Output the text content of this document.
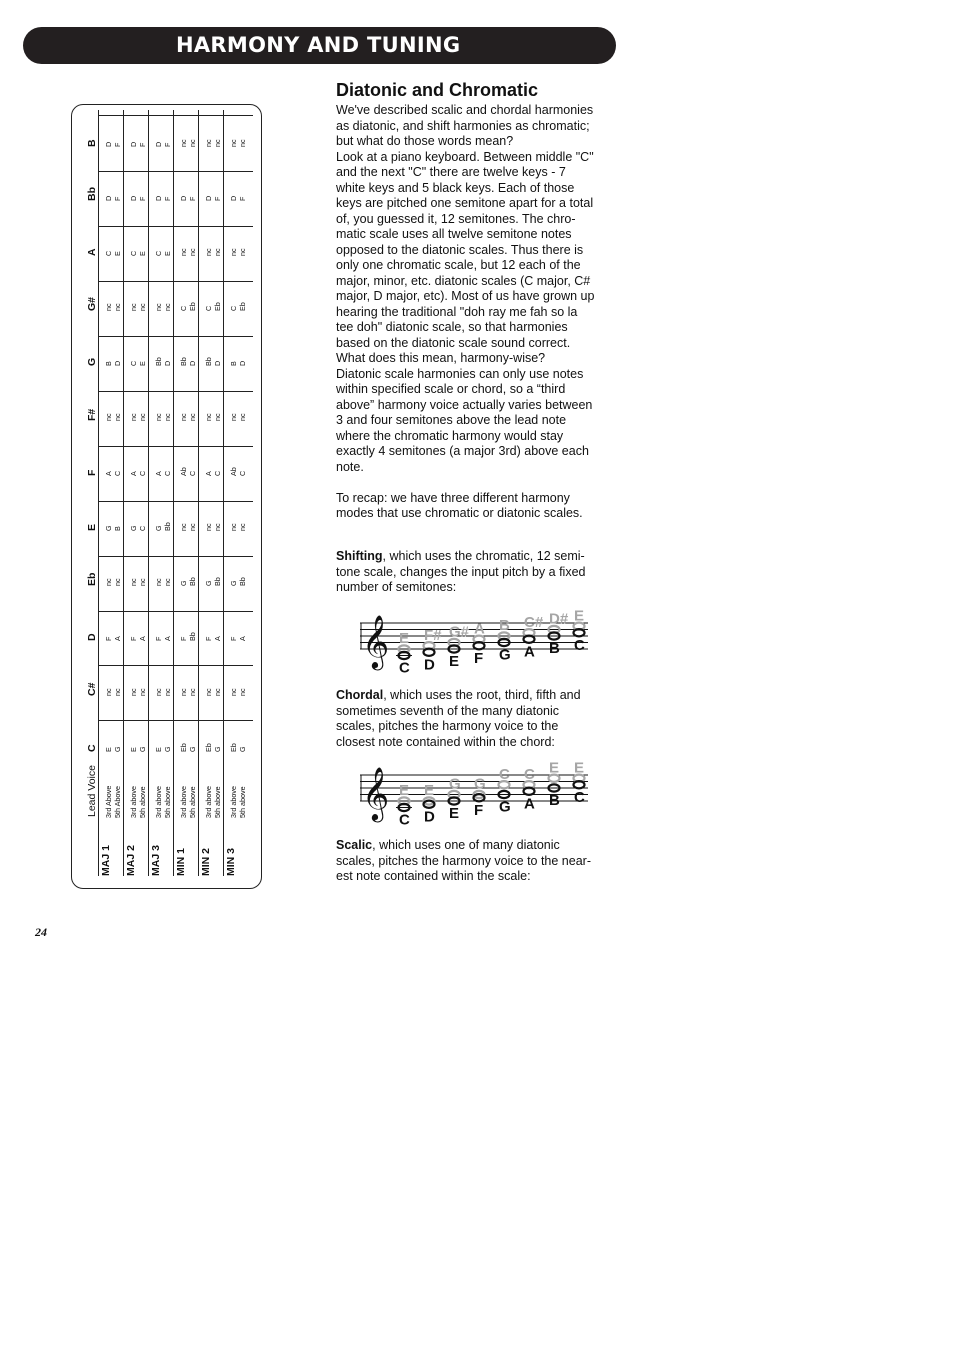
HARMONY AND TUNING
Lead Voice
C
C#
D
Eb
E
F
F#
G
G#
A
Bb
B
MAJ 1
3rd Above 5th Above
E G
nc nc
F A
nc nc
G B
A C
nc nc
B D
nc nc
C E
D F
D F
MAJ 2
3rd above 5th above
E G
nc nc
F A
nc nc
G C
A C
nc nc
C E
nc nc
C E
D F
D F
MAJ 3
3rd above 5th above
E G
nc nc
F A
nc nc
G Bb
A C
nc nc
Bb D
nc nc
C E
D F
D F
MIN 1
3rd above 5th above
Eb G
nc nc
F Bb
G Bb
nc nc
Ab C
nc nc
Bb D
C Eb
nc nc
D F
nc nc
MIN 2
3rd above 5th above
Eb G
nc nc
F A
G Bb
nc nc
A C
nc nc
Bb D
C Eb
nc nc
D F
nc nc
MIN 3
3rd above 5th above
Eb G
nc nc
F A
G Bb
nc nc
Ab C
nc nc
B D
C Eb
nc nc
D F
nc nc
Diatonic and Chromatic

We've described scalic and chordal harmonies

as diatonic, and shift harmonies as chromatic;

but what do those words mean?

Look at a piano keyboard. Between middle "C"

and the next "C" there are twelve keys - 7

white keys and 5 black keys. Each of those

keys are pitched one semitone apart for a total

of, you guessed it, 12 semitones. The chro-

matic scale uses all twelve semitone notes

opposed to the diatonic scales. Thus there is

only one chromatic scale, but 12 each of the

major, minor, etc. diatonic scales (C major, C#

major, D major, etc). Most of us have grown up

hearing the traditional "doh ray me fah so la

tee doh" diatonic scale, so that harmonies

based on the diatonic scale sound correct.

What does this mean, harmony-wise?

Diatonic scale harmonies can only use notes

within specified scale or chord, so a “third

above” harmony voice actually varies between

3 and four semitones above the lead note

where the chromatic harmony would stay

exactly 4 semitones (a major 3rd) above each

note.

To recap: we have three different harmony

modes that use chromatic or diatonic scales.

Shifting, which uses the chromatic, 12 semi-

tone scale, changes the input pitch by a fixed

number of semitones:

𝄞 E
C
F#
D
G#
E
A
F
B
G
C#
A
D#
B
E
C

Chordal, which uses the root, third, fifth and

sometimes seventh of the many diatonic

scales, pitches the harmony voice to the

closest note contained within the chord:

𝄞 E
C
E
D
G
E
G
F
C
G
C
A
E
B
E
C

Scalic, which uses one of many diatonic

scales, pitches the harmony voice to the near-

est note contained within the scale:

24
